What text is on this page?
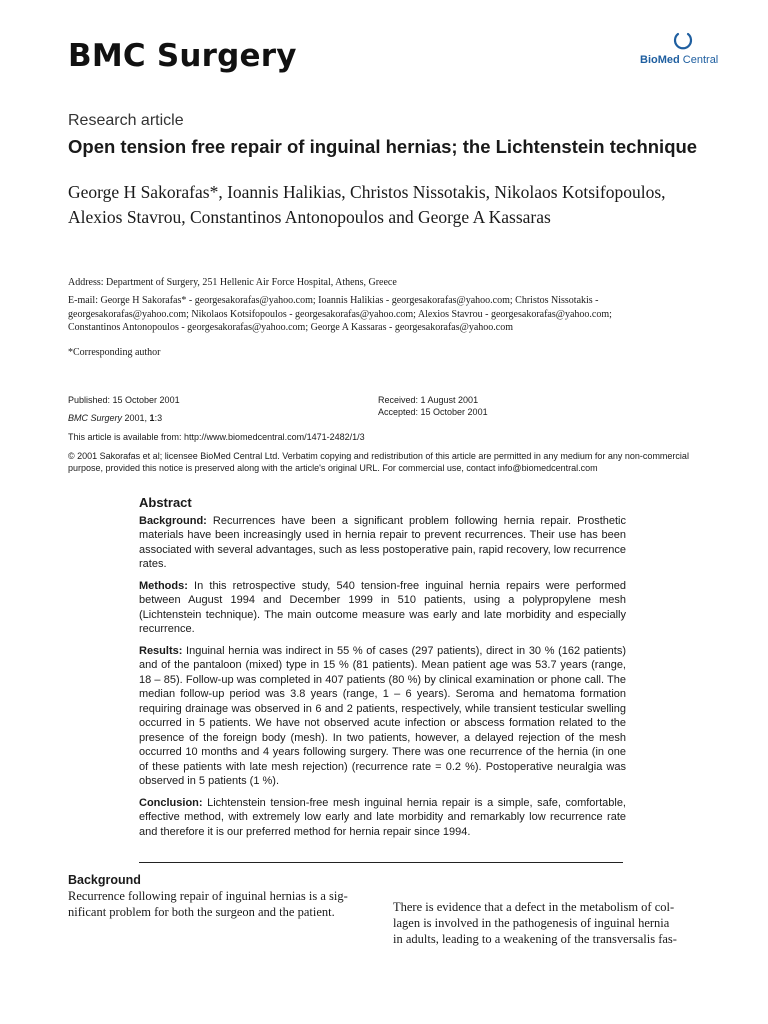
BMC Surgery	BioMed Central
Research article
Open tension free repair of inguinal hernias; the Lichtenstein technique
George H Sakorafas*, Ioannis Halikias, Christos Nissotakis, Nikolaos Kotsifopoulos, Alexios Stavrou, Constantinos Antonopoulos and George A Kassaras
Address: Department of Surgery, 251 Hellenic Air Force Hospital, Athens, Greece
E-mail: George H Sakorafas* - georgesakorafas@yahoo.com; Ioannis Halikias - georgesakorafas@yahoo.com; Christos Nissotakis - georgesakorafas@yahoo.com; Nikolaos Kotsifopoulos - georgesakorafas@yahoo.com; Alexios Stavrou - georgesakorafas@yahoo.com; Constantinos Antonopoulos - georgesakorafas@yahoo.com; George A Kassaras - georgesakorafas@yahoo.com
*Corresponding author
Published: 15 October 2001
BMC Surgery 2001, 1:3
Received: 1 August 2001
Accepted: 15 October 2001
This article is available from: http://www.biomedcentral.com/1471-2482/1/3
© 2001 Sakorafas et al; licensee BioMed Central Ltd. Verbatim copying and redistribution of this article are permitted in any medium for any non-commercial purpose, provided this notice is preserved along with the article's original URL. For commercial use, contact info@biomedcentral.com
Abstract

Background: Recurrences have been a significant problem following hernia repair. Prosthetic materials have been increasingly used in hernia repair to prevent recurrences. Their use has been associated with several advantages, such as less postoperative pain, rapid recovery, low recurrence rates.

Methods: In this retrospective study, 540 tension-free inguinal hernia repairs were performed between August 1994 and December 1999 in 510 patients, using a polypropylene mesh (Lichtenstein technique). The main outcome measure was early and late morbidity and especially recurrence.

Results: Inguinal hernia was indirect in 55 % of cases (297 patients), direct in 30 % (162 patients) and of the pantaloon (mixed) type in 15 % (81 patients). Mean patient age was 53.7 years (range, 18 – 85). Follow-up was completed in 407 patients (80 %) by clinical examination or phone call. The median follow-up period was 3.8 years (range, 1 – 6 years). Seroma and hematoma formation requiring drainage was observed in 6 and 2 patients, respectively, while transient testicular swelling occurred in 5 patients. We have not observed acute infection or abscess formation related to the presence of the foreign body (mesh). In two patients, however, a delayed rejection of the mesh occurred 10 months and 4 years following surgery. There was one recurrence of the hernia (in one of these patients with late mesh rejection) (recurrence rate = 0.2 %). Postoperative neuralgia was observed in 5 patients (1 %).

Conclusion: Lichtenstein tension-free mesh inguinal hernia repair is a simple, safe, comfortable, effective method, with extremely low early and late morbidity and remarkably low recurrence rate and therefore it is our preferred method for hernia repair since 1994.

Background
Recurrence following repair of inguinal hernias is a sig-
nificant problem for both the surgeon and the patient.	There is evidence that a defect in the metabolism of col-
lagen is involved in the pathogenesis of inguinal hernia
in adults, leading to a weakening of the transversalis fas-
